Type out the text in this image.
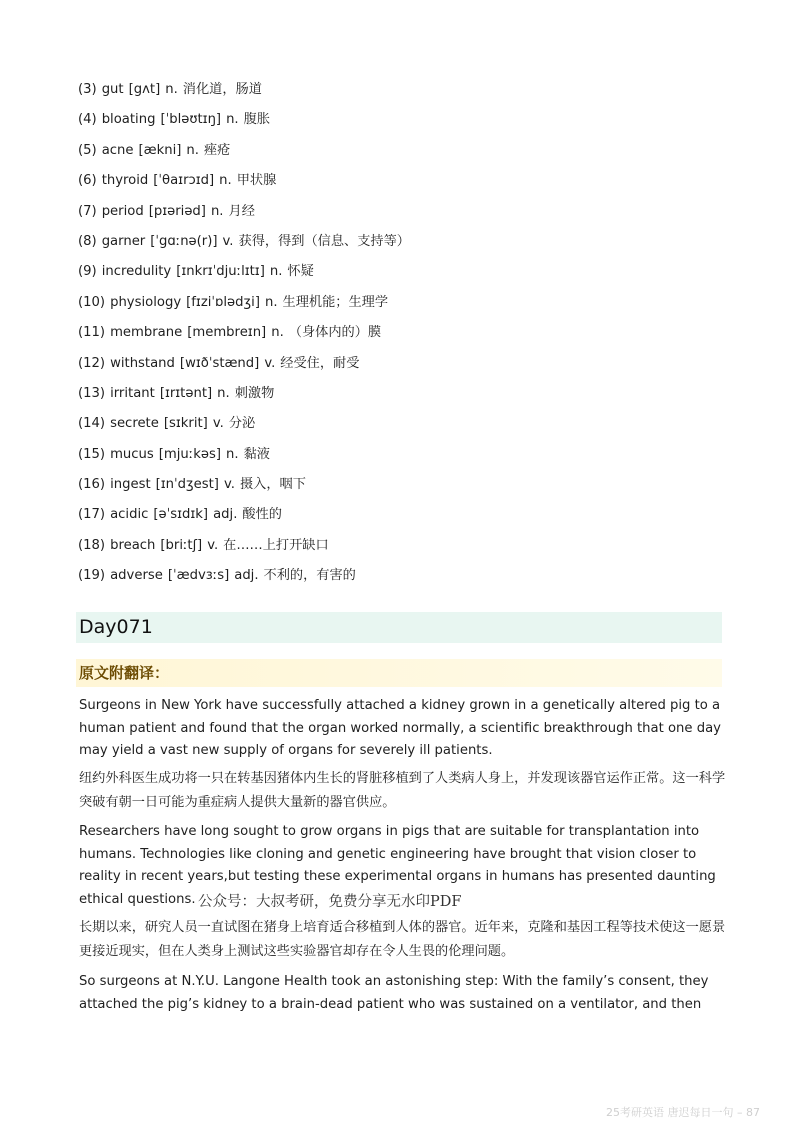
(3) gut [gʌt] n. 消化道，肠道
(4) bloating [ˈbləʊtɪŋ] n. 腹胀
(5) acne [ækni] n. 痤疮
(6) thyroid [ˈθaɪrɔɪd] n. 甲状腺
(7) period [pɪəriəd] n. 月经
(8) garner [ˈgɑːnə(r)] v. 获得，得到（信息、支持等）
(9) incredulity [ɪnkrɪˈdjuːlɪtɪ] n. 怀疑
(10) physiology [fɪziˈɒlədʒi] n. 生理机能；生理学
(11) membrane [membreɪn] n. （身体内的）膜
(12) withstand [wɪðˈstænd] v. 经受住，耐受
(13) irritant [ɪrɪtənt] n. 刺激物
(14) secrete [sɪkrit] v. 分泌
(15) mucus [mjuːkəs] n. 黏液
(16) ingest [ɪnˈdʒest] v. 摄入，咽下
(17) acidic [əˈsɪdɪk] adj. 酸性的
(18) breach [briːtʃ] v. 在……上打开缺口
(19) adverse [ˈædvɜːs] adj. 不利的，有害的
Day071
原文附翻译：

Surgeons in New York have successfully attached a kidney grown in a genetically altered pig to a human patient and found that the organ worked normally, a scientific breakthrough that one day may yield a vast new supply of organs for severely ill patients.

纽约外科医生成功将一只在转基因猪体内生长的肾脏移植到了人类病人身上，并发现该器官运作正常。这一科学突破有朝一日可能为重症病人提供大量新的器官供应。

Researchers have long sought to grow organs in pigs that are suitable for transplantation into humans. Technologies like cloning and genetic engineering have brought that vision closer to reality in recent years,but testing these experimental organs in humans has presented daunting ethical questions.

长期以来，研究人员一直试图在猪身上培育适合移植到人体的器官。近年来，克隆和基因工程等技术使这一愿景更接近现实，但在人类身上测试这些实验器官却存在令人生畏的伦理问题。

So surgeons at N.Y.U. Langone Health took an astonishing step: With the family’s consent, they attached the pig’s kidney to a brain-dead patient who was sustained on a ventilator, and then

公众号：大叔考研，免费分享无水印PDF
25考研英语 唐迟每日一句 – 87
